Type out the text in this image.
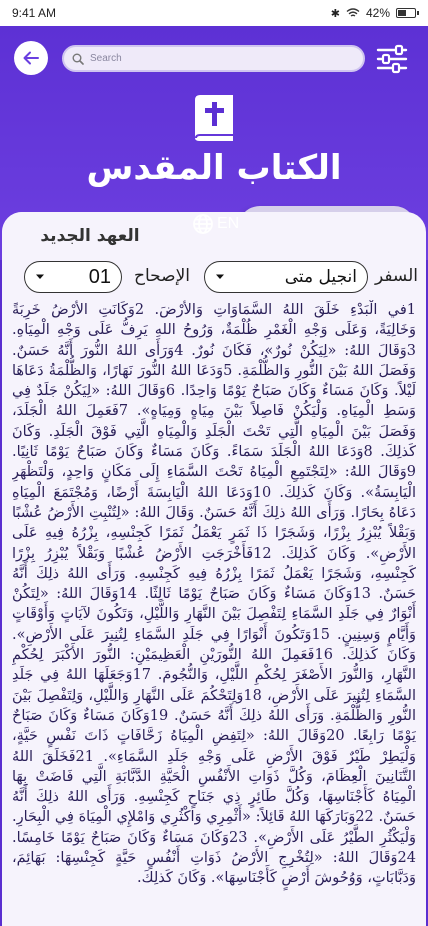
9:41 AM	✱ 42%
Search
الكتاب المقدس
العهد الجديد
EN
السفر
انجيل متى
الإصحاح
01
1في الْبَدْءِ خَلَقَ اللهُ السَّمَاوَاتِ وَالأَرْضَ. 2وَكَانَتِ الأَرْضُ خَرِبَةً وَخَالِيَةً، وَعَلَى وَجْهِ الْغَمْرِ ظُلْمَةٌ، وَرُوحُ اللهِ يَرِفُّ عَلَى وَجْهِ الْمِيَاهِ. 3وَقَالَ اللهُ: «لِيَكُنْ نُورٌ»، فَكَانَ نُورٌ. 4وَرَأَى اللهُ النُّورَ أَنَّهُ حَسَنٌ. وَفَصَلَ اللهُ بَيْنَ النُّورِ وَالظُّلْمَةِ. 5وَدَعَا اللهُ النُّورَ نَهَارًا، وَالظُّلْمَةُ دَعَاهَا لَيْلاً. وَكَانَ مَسَاءٌ وَكَانَ صَبَاحٌ يَوْمًا وَاحِدًا. 6وَقَالَ اللهُ: «لِيَكُنْ جَلَدٌ فِي وَسَطِ الْمِيَاهِ. وَلْيَكُنْ فَاصِلاً بَيْنَ مِيَاهٍ وَمِيَاهٍ». 7فَعَمِلَ اللهُ الْجَلَدَ، وَفَصَلَ بَيْنَ الْمِيَاهِ الَّتِي تَحْتَ الْجَلَدِ وَالْمِيَاهِ الَّتِي فَوْقَ الْجَلَدِ. وَكَانَ كَذلِكَ. 8وَدَعَا اللهُ الْجَلَدَ سَمَاءً. وَكَانَ مَسَاءٌ وَكَانَ صَبَاحٌ يَوْمًا ثَانِيًا. 9وَقَالَ اللهُ: «لِتَجْتَمِعِ الْمِيَاهُ تَحْتَ السَّمَاءِ إِلَى مَكَانٍ وَاحِدٍ، وَلْتَظْهَرِ الْيَابِسَةُ». وَكَانَ كَذلِكَ. 10وَدَعَا اللهُ الْيَابِسَةَ أَرْضًا، وَمُجْتَمَعَ الْمِيَاهِ دَعَاهُ بِحَارًا. وَرَأَى اللهُ ذلِكَ أَنَّهُ حَسَنٌ. وَقَالَ اللهُ: «لِتُنْبِتِ الأَرْضُ عُشْبًا وَبَقْلاً يُبْزِرُ بِزْرًا، وَشَجَرًا ذَا ثَمَرٍ يَعْمَلُ ثَمَرًا كَجِنْسِهِ، بِزْرُهُ فِيهِ عَلَى الأَرْضِ». وَكَانَ كَذلِكَ. 12فَأَخْرَجَتِ الأَرْضُ عُشْبًا وَبَقْلاً يُبْزِرُ بِزْرًا كَجِنْسِهِ، وَشَجَرًا يَعْمَلُ ثَمَرًا بِزْرُهُ فِيهِ كَجِنْسِهِ. وَرَأَى اللهُ ذلِكَ أَنَّهُ حَسَنٌ. 13وَكَانَ مَسَاءٌ وَكَانَ صَبَاحٌ يَوْمًا ثَالِثًا. 14وَقَالَ اللهُ: «لِتَكُنْ أَنْوَارٌ فِي جَلَدِ السَّمَاءِ لِتَفْصِلَ بَيْنَ النَّهَارِ وَاللَّيْلِ، وَتَكُونَ لآيَاتٍ وَأَوْقَاتٍ وَأَيَّامٍ وَسِنِينٍ. 15وَتَكُونَ أَنْوَارًا فِي جَلَدِ السَّمَاءِ لِتُنِيرَ عَلَى الأَرْضِ». وَكَانَ كَذلِكَ. 16فَعَمِلَ اللهُ النُّورَيْنِ الْعَظِيمَيْنِ: النُّورَ الأَكْبَرَ لِحُكْمِ النَّهَارِ، وَالنُّورَ الأَصْغَرَ لِحُكْمِ اللَّيْلِ، وَالنُّجُومَ. 17وَجَعَلَهَا اللهُ فِي جَلَدِ السَّمَاءِ لِتُنِيرَ عَلَى الأَرْضِ، 18وَلِتَحْكُمَ عَلَى النَّهَارِ وَاللَّيْلِ، وَلِتَفْصِلَ بَيْنَ النُّورِ وَالظُّلْمَةِ. وَرَأَى اللهُ ذلِكَ أَنَّهُ حَسَنٌ. 19وَكَانَ مَسَاءٌ وَكَانَ صَبَاحٌ يَوْمًا رَابِعًا. 20وَقَالَ اللهُ: «لِتَفِضِ الْمِيَاهُ زَحَّافَاتٍ ذَاتَ نَفْسٍ حَيَّةٍ، وَلْيَطِرْ طَيْرٌ فَوْقَ الأَرْضِ عَلَى وَجْهِ جَلَدِ السَّمَاءِ». 21فَخَلَقَ اللهُ التَّنَانِينَ الْعِظَامَ، وَكُلَّ ذَوَاتِ الأَنْفُسِ الْحَيَّةِ الدَّبَّابَةِ الَّتِي فَاضَتْ بِهَا الْمِيَاهُ كَأَجْنَاسِهَا، وَكُلَّ طَائِرٍ ذِي جَنَاحٍ كَجِنْسِهِ. وَرَأَى اللهُ ذلِكَ أَنَّهُ حَسَنٌ. 22وَبَارَكَهَا اللهُ قَائِلاً: «أَثْمِرِي وَاكْثُرِي وَامْلإِي الْمِيَاهَ فِي الْبِحَارِ. وَلْيَكْثُرِ الطَّيْرُ عَلَى الأَرْضِ». 23وَكَانَ مَسَاءٌ وَكَانَ صَبَاحٌ يَوْمًا خَامِسًا. 24وَقَالَ اللهُ: «لِتُخْرِجِ الأَرْضُ ذَوَاتِ أَنْفُسٍ حَيَّةٍ كَجِنْسِهَا: بَهَائِمَ، وَدَبَّابَاتٍ، وَوُحُوشَ أَرْضٍ كَأَجْنَاسِهَا». وَكَانَ كَذلِكَ.
